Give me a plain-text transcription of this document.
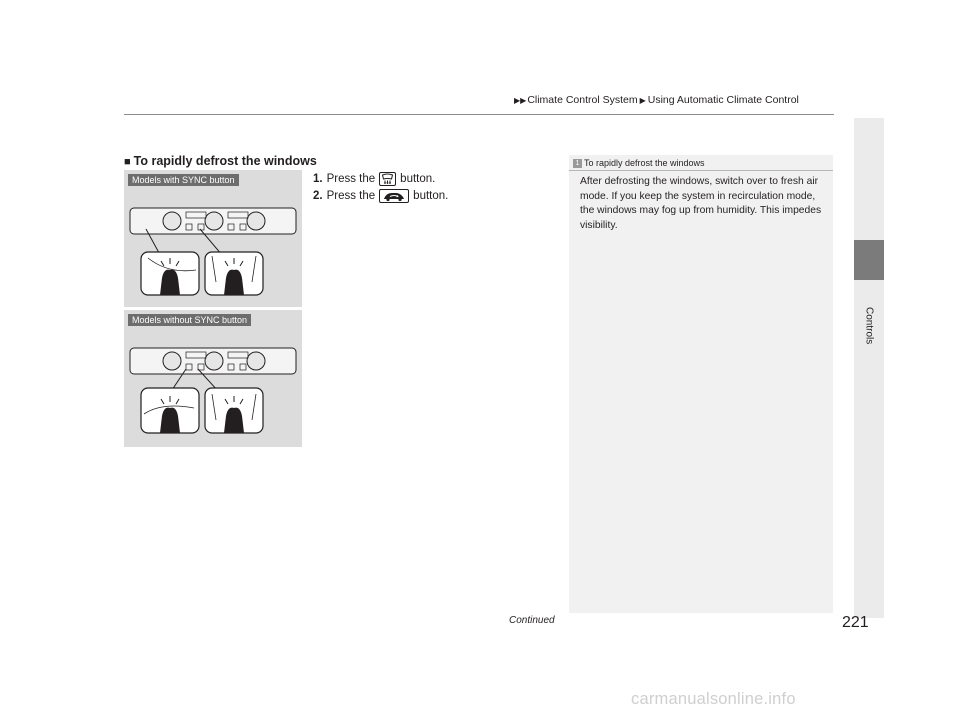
▶▶ Climate Control System ▶ Using Automatic Climate Control
Controls
■ To rapidly defrost the windows
1. Press the button.
2. Press the	button.
Models with SYNC button
Models without SYNC button
1 To rapidly defrost the windows
After defrosting the windows, switch over to fresh air mode. If you keep the system in recirculation mode, the windows may fog up from humidity. This impedes visibility.
Continued	221
carmanualsonline.info
